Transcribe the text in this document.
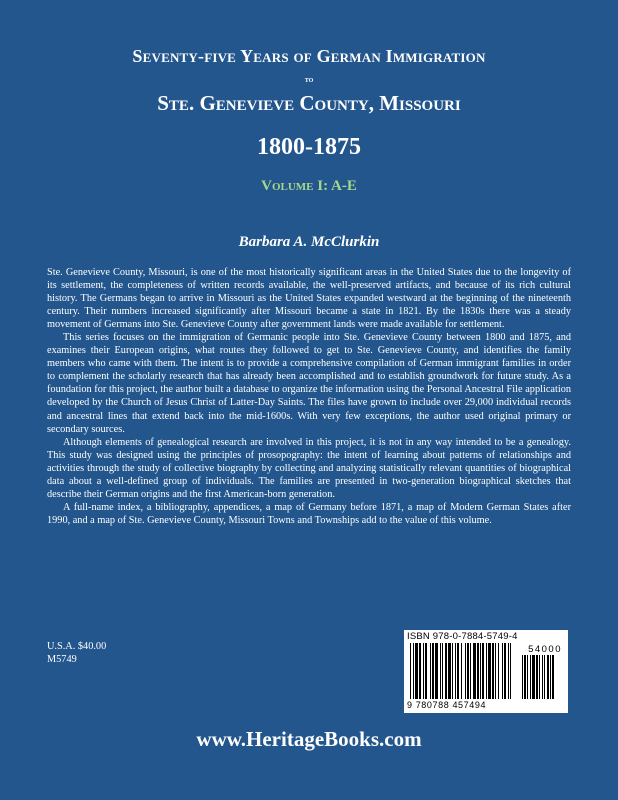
Seventy-five Years of German Immigration
to
Ste. Genevieve County, Missouri
1800-1875
Volume I: A-E
Barbara A. McClurkin

Ste. Genevieve County, Missouri, is one of the most historically significant areas in the United States due to the longevity of its settlement, the completeness of written records available, the well-preserved artifacts, and because of its rich cultural history. The Germans began to arrive in Missouri as the United States expanded westward at the beginning of the nineteenth century. Their numbers increased significantly after Missouri became a state in 1821. By the 1830s there was a steady movement of Germans into Ste. Genevieve County after government lands were made available for settlement.

This series focuses on the immigration of Germanic people into Ste. Genevieve County between 1800 and 1875, and examines their European origins, what routes they followed to get to Ste. Genevieve County, and identifies the family members who came with them. The intent is to provide a comprehensive compilation of German immigrant families in order to complement the scholarly research that has already been accomplished and to establish groundwork for future study. As a foundation for this project, the author built a database to organize the information using the Personal Ancestral File application developed by the Church of Jesus Christ of Latter-Day Saints. The files have grown to include over 29,000 individual records and ancestral lines that extend back into the mid-1600s. With very few exceptions, the author used original primary or secondary sources.

Although elements of genealogical research are involved in this project, it is not in any way intended to be a genealogy. This study was designed using the principles of prosopography: the intent of learning about patterns of relationships and activities through the study of collective biography by collecting and analyzing statistically relevant quantities of biographical data about a well-defined group of individuals. The families are presented in two-generation biographical sketches that describe their German origins and the first American-born generation.

A full-name index, a bibliography, appendices, a map of Germany before 1871, a map of Modern German States after 1990, and a map of Ste. Genevieve County, Missouri Towns and Townships add to the value of this volume.

U.S.A. $40.00
M5749
ISBN 978-0-7884-5749-4
54000
9 780788 457494
www.HeritageBooks.com
